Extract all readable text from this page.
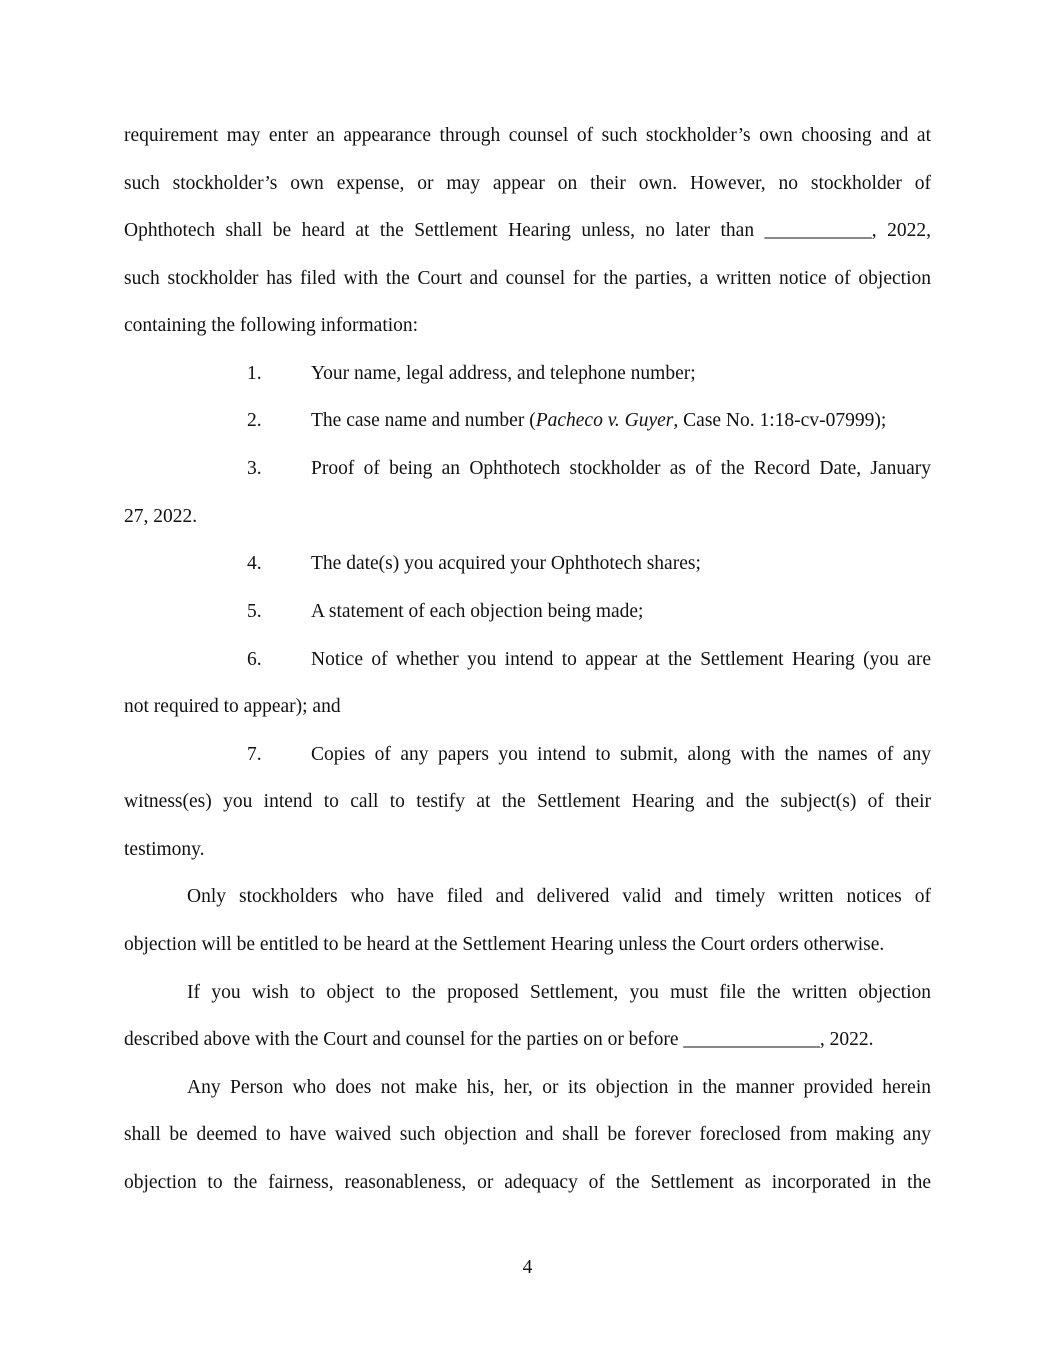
requirement may enter an appearance through counsel of such stockholder’s own choosing and at
such stockholder’s own expense, or may appear on their own. However, no stockholder of
Ophthotech shall be heard at the Settlement Hearing unless, no later than ___________, 2022,
such stockholder has filed with the Court and counsel for the parties, a written notice of objection
containing the following information:
1.	Your name, legal address, and telephone number;
2.	The case name and number (Pacheco v. Guyer, Case No. 1:18-cv-07999);
3.	Proof of being an Ophthotech stockholder as of the Record Date, January
27, 2022.
4.	The date(s) you acquired your Ophthotech shares;
5.	A statement of each objection being made;
6.	Notice of whether you intend to appear at the Settlement Hearing (you are
not required to appear); and
7.	Copies of any papers you intend to submit, along with the names of any
witness(es) you intend to call to testify at the Settlement Hearing and the subject(s) of their
testimony.
Only stockholders who have filed and delivered valid and timely written notices of
objection will be entitled to be heard at the Settlement Hearing unless the Court orders otherwise.
If you wish to object to the proposed Settlement, you must file the written objection
described above with the Court and counsel for the parties on or before ______________, 2022.
Any Person who does not make his, her, or its objection in the manner provided herein
shall be deemed to have waived such objection and shall be forever foreclosed from making any
objection to the fairness, reasonableness, or adequacy of the Settlement as incorporated in the
4
